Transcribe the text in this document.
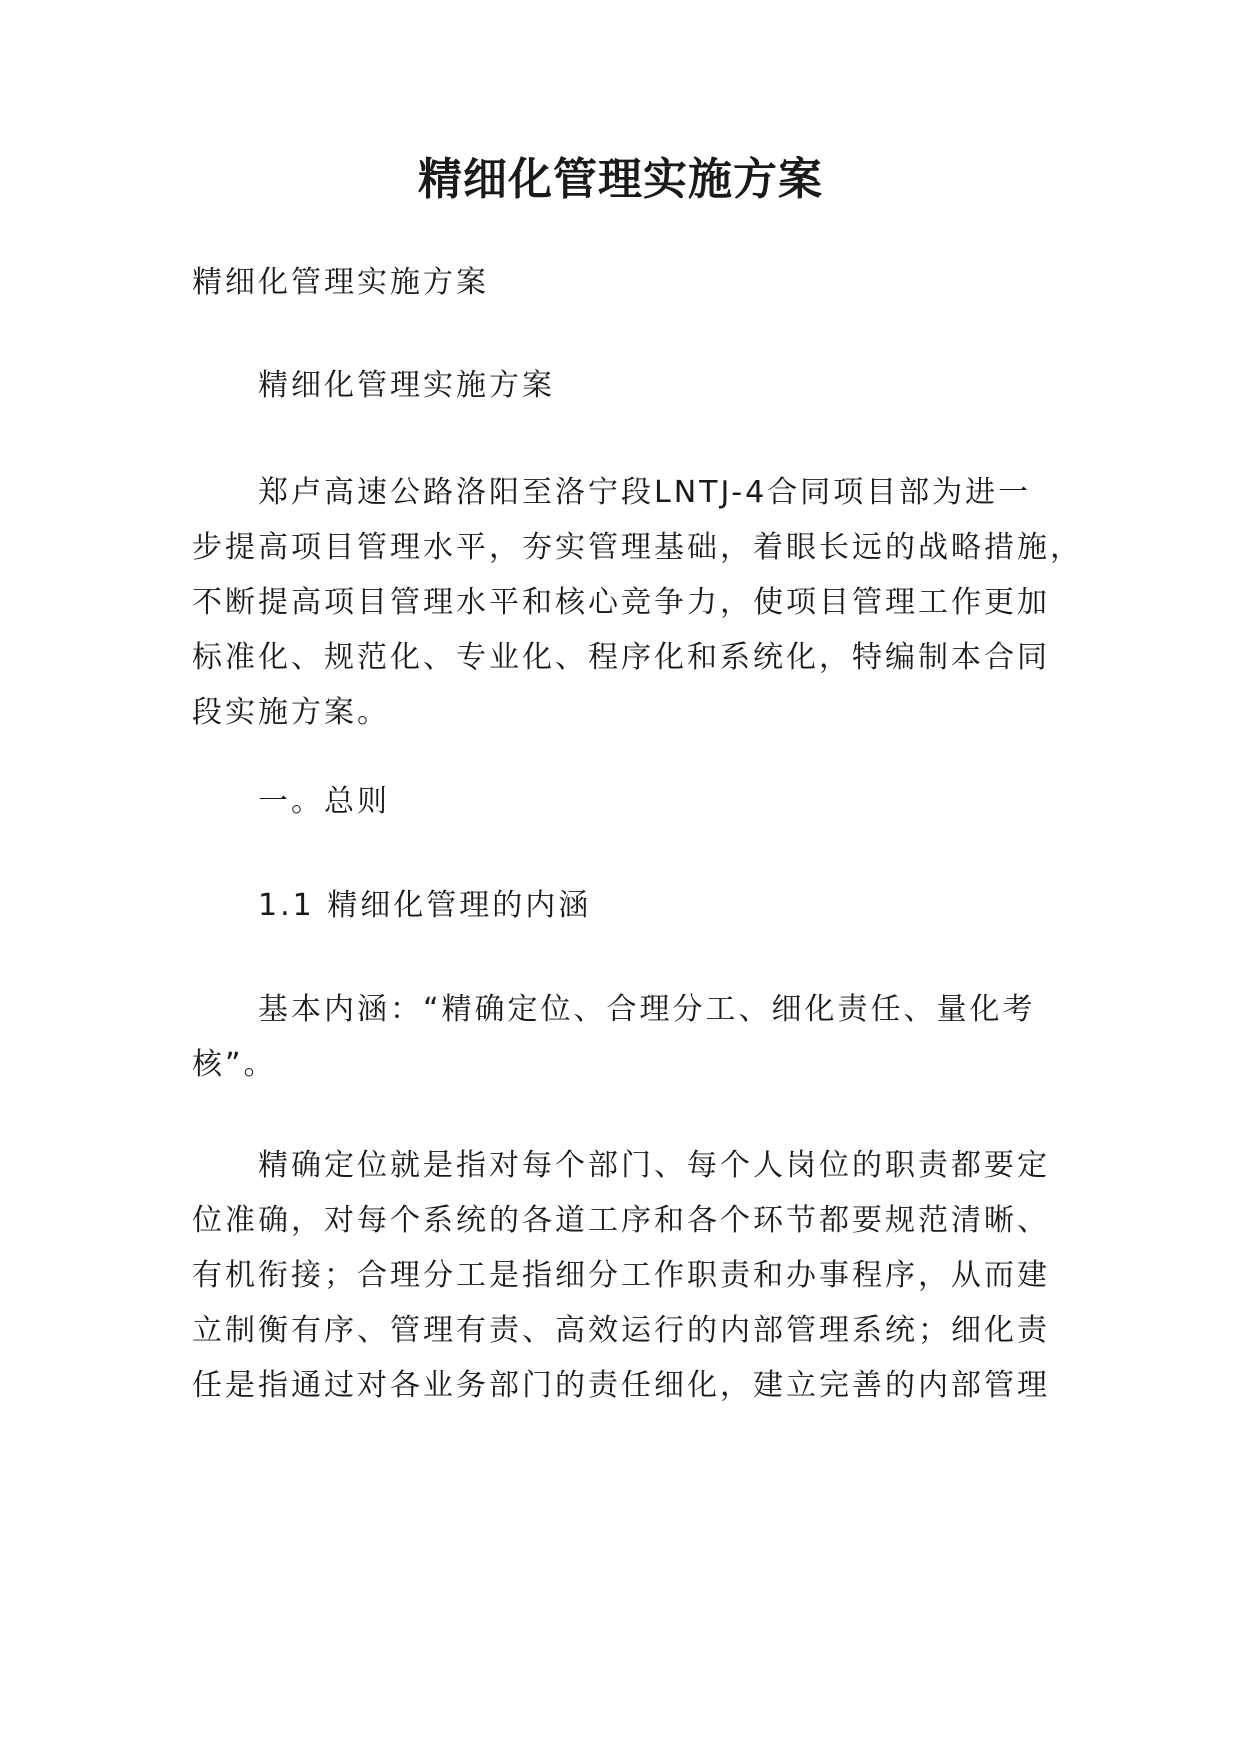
精细化管理实施方案

精细化管理实施方案

精细化管理实施方案

郑卢高速公路洛阳至洛宁段LNTJ-4合同项目部为进一
步提高项目管理水平，夯实管理基础，着眼长远的战略措施，
不断提高项目管理水平和核心竞争力，使项目管理工作更加
标准化、规范化、专业化、程序化和系统化，特编制本合同
段实施方案。

一。总则

1.1 精细化管理的内涵

基本内涵：“精确定位、合理分工、细化责任、量化考
核”。
精确定位就是指对每个部门、每个人岗位的职责都要定
位准确，对每个系统的各道工序和各个环节都要规范清晰、
有机衔接；合理分工是指细分工作职责和办事程序，从而建
立制衡有序、管理有责、高效运行的内部管理系统；细化责
任是指通过对各业务部门的责任细化，建立完善的内部管理
